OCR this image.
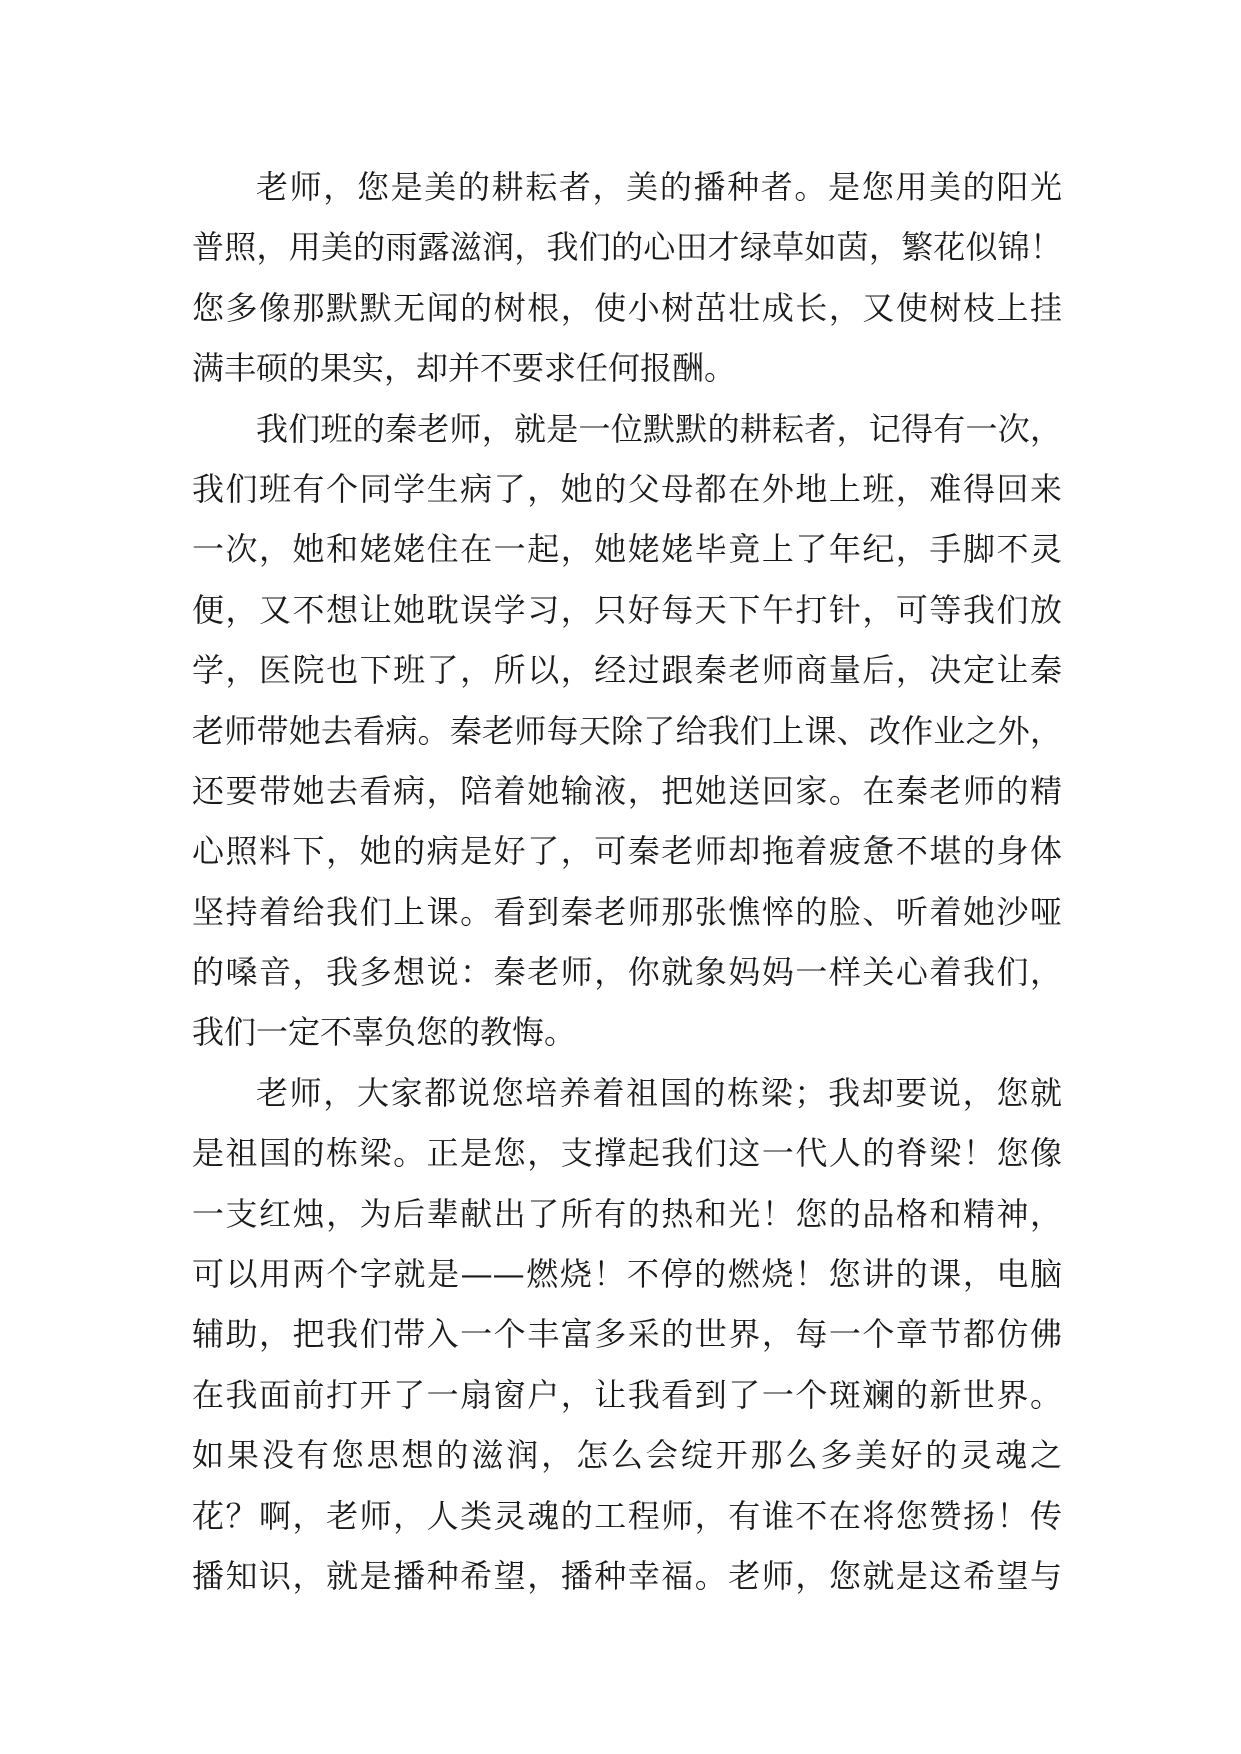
老师，您是美的耕耘者，美的播种者。是您用美的阳光
普照，用美的雨露滋润，我们的心田才绿草如茵，繁花似锦！
您多像那默默无闻的树根，使小树茁壮成长，又使树枝上挂
满丰硕的果实，却并不要求任何报酬。
我们班的秦老师，就是一位默默的耕耘者，记得有一次，
我们班有个同学生病了，她的父母都在外地上班，难得回来
一次，她和姥姥住在一起，她姥姥毕竟上了年纪，手脚不灵
便，又不想让她耽误学习，只好每天下午打针，可等我们放
学，医院也下班了，所以，经过跟秦老师商量后，决定让秦
老师带她去看病。秦老师每天除了给我们上课、改作业之外，
还要带她去看病，陪着她输液，把她送回家。在秦老师的精
心照料下，她的病是好了，可秦老师却拖着疲惫不堪的身体
坚持着给我们上课。看到秦老师那张憔悴的脸、听着她沙哑
的嗓音，我多想说：秦老师，你就象妈妈一样关心着我们，
我们一定不辜负您的教悔。
老师，大家都说您培养着祖国的栋梁；我却要说，您就
是祖国的栋梁。正是您，支撑起我们这一代人的脊梁！您像
一支红烛，为后辈献出了所有的热和光！您的品格和精神，
可以用两个字就是——燃烧！不停的燃烧！您讲的课，电脑
辅助，把我们带入一个丰富多采的世界，每一个章节都仿佛
在我面前打开了一扇窗户，让我看到了一个斑斓的新世界。
如果没有您思想的滋润，怎么会绽开那么多美好的灵魂之
花？啊，老师，人类灵魂的工程师，有谁不在将您赞扬！传
播知识，就是播种希望，播种幸福。老师，您就是这希望与
